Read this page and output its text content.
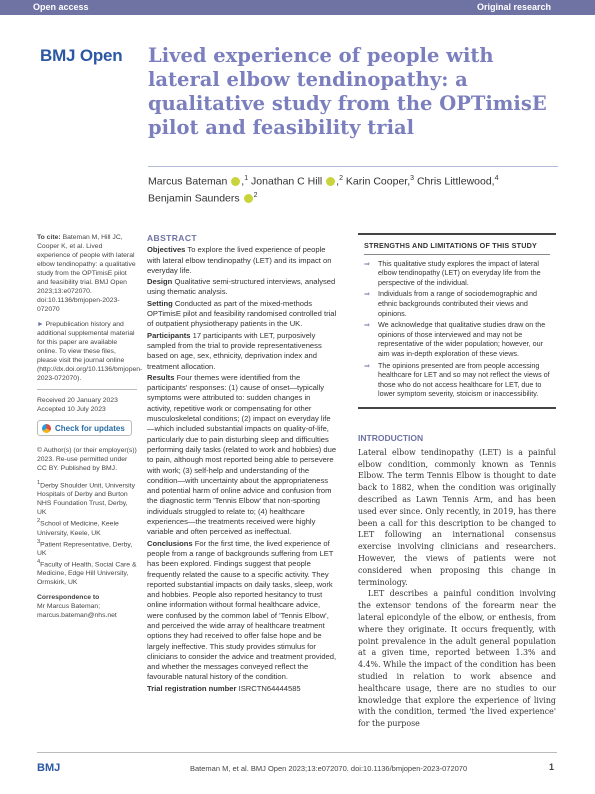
Open access	Original research
BMJ Open Lived experience of people with lateral elbow tendinopathy: a qualitative study from the OPTimisE pilot and feasibility trial
Marcus Bateman ,$^1$ Jonathan C Hill ,$^2$ Karin Cooper,$^3$ Chris Littlewood,$^4$
Benjamin Saunders $^2$

To cite: Bateman M, Hill JC, Cooper K, et al. Lived experience of people with lateral elbow tendinopathy: a qualitative study from the OPTimisE pilot and feasibility trial. BMJ Open 2023;13:e072070. doi:10.1136/bmjopen-2023-072070

► Prepublication history and additional supplemental material for this paper are available online. To view these files, please visit the journal online (http://dx.doi.org/10.1136/bmjopen-2023-072070).

Received 20 January 2023
Accepted 10 July 2023

Check for updates

© Author(s) (or their employer(s)) 2023. Re-use permitted under CC BY. Published by BMJ.

$^1$Derby Shoulder Unit, University Hospitals of Derby and Burton NHS Foundation Trust, Derby, UK
$^2$School of Medicine, Keele University, Keele, UK
$^3$Patient Representative, Derby, UK
$^4$Faculty of Health, Social Care & Medicine, Edge Hill University, Ormskirk, UK

Correspondence to
Mr Marcus Bateman;
marcus.bateman@nhs.net

ABSTRACT

Objectives To explore the lived experience of people with lateral elbow tendinopathy (LET) and its impact on everyday life.

Design Qualitative semi-structured interviews, analysed using thematic analysis.

Setting Conducted as part of the mixed-methods OPTimisE pilot and feasibility randomised controlled trial of outpatient physiotherapy patients in the UK.

Participants 17 participants with LET, purposively sampled from the trial to provide representativeness based on age, sex, ethnicity, deprivation index and treatment allocation.

Results Four themes were identified from the participants' responses: (1) cause of onset—typically symptoms were attributed to: sudden changes in activity, repetitive work or compensating for other musculoskeletal conditions; (2) impact on everyday life—which included substantial impacts on quality-of-life, particularly due to pain disturbing sleep and difficulties performing daily tasks (related to work and hobbies) due to pain, although most reported being able to persevere with work; (3) self-help and understanding of the condition—with uncertainty about the appropriateness and potential harm of online advice and confusion from the diagnostic term 'Tennis Elbow' that non-sporting individuals struggled to relate to; (4) healthcare experiences—the treatments received were highly variable and often perceived as ineffectual.

Conclusions For the first time, the lived experience of people from a range of backgrounds suffering from LET has been explored. Findings suggest that people frequently related the cause to a specific activity. They reported substantial impacts on daily tasks, sleep, work and hobbies. People also reported hesitancy to trust online information without formal healthcare advice, were confused by the common label of 'Tennis Elbow', and perceived the wide array of healthcare treatment options they had received to offer false hope and be largely ineffective. This study provides stimulus for clinicians to consider the advice and treatment provided, and whether the messages conveyed reflect the favourable natural history of the condition.

Trial registration number ISRCTN64444585

STRENGTHS AND LIMITATIONS OF THIS STUDY
⇒	This qualitative study explores the impact of lateral elbow tendinopathy (LET) on everyday life from the perspective of the individual.
⇒	Individuals from a range of sociodemographic and ethnic backgrounds contributed their views and opinions.
⇒	We acknowledge that qualitative studies draw on the opinions of those interviewed and may not be representative of the wider population; however, our aim was in-depth exploration of these views.
⇒	The opinions presented are from people accessing healthcare for LET and so may not reflect the views of those who do not access healthcare for LET, due to lower symptom severity, stoicism or inaccessibility.
INTRODUCTION

Lateral elbow tendinopathy (LET) is a painful elbow condition, commonly known as Tennis Elbow. The term Tennis Elbow is thought to date back to 1882, when the condition was originally described as Lawn Tennis Arm, and has been used ever since. Only recently, in 2019, has there been a call for this description to be changed to LET following an international consensus exercise involving clinicians and researchers. However, the views of patients were not considered when proposing this change in terminology.

LET describes a painful condition involving the extensor tendons of the forearm near the lateral epicondyle of the elbow, or enthesis, from where they originate. It occurs frequently, with point prevalence in the adult general population at a given time, reported between 1.3% and 4.4%. While the impact of the condition has been studied in relation to work absence and healthcare usage, there are no studies to our knowledge that explore the experience of living with the condition, termed 'the lived experience' for the purpose

BMJ	Bateman M, et al. BMJ Open 2023;13:e072070. doi:10.1136/bmjopen-2023-072070	1
